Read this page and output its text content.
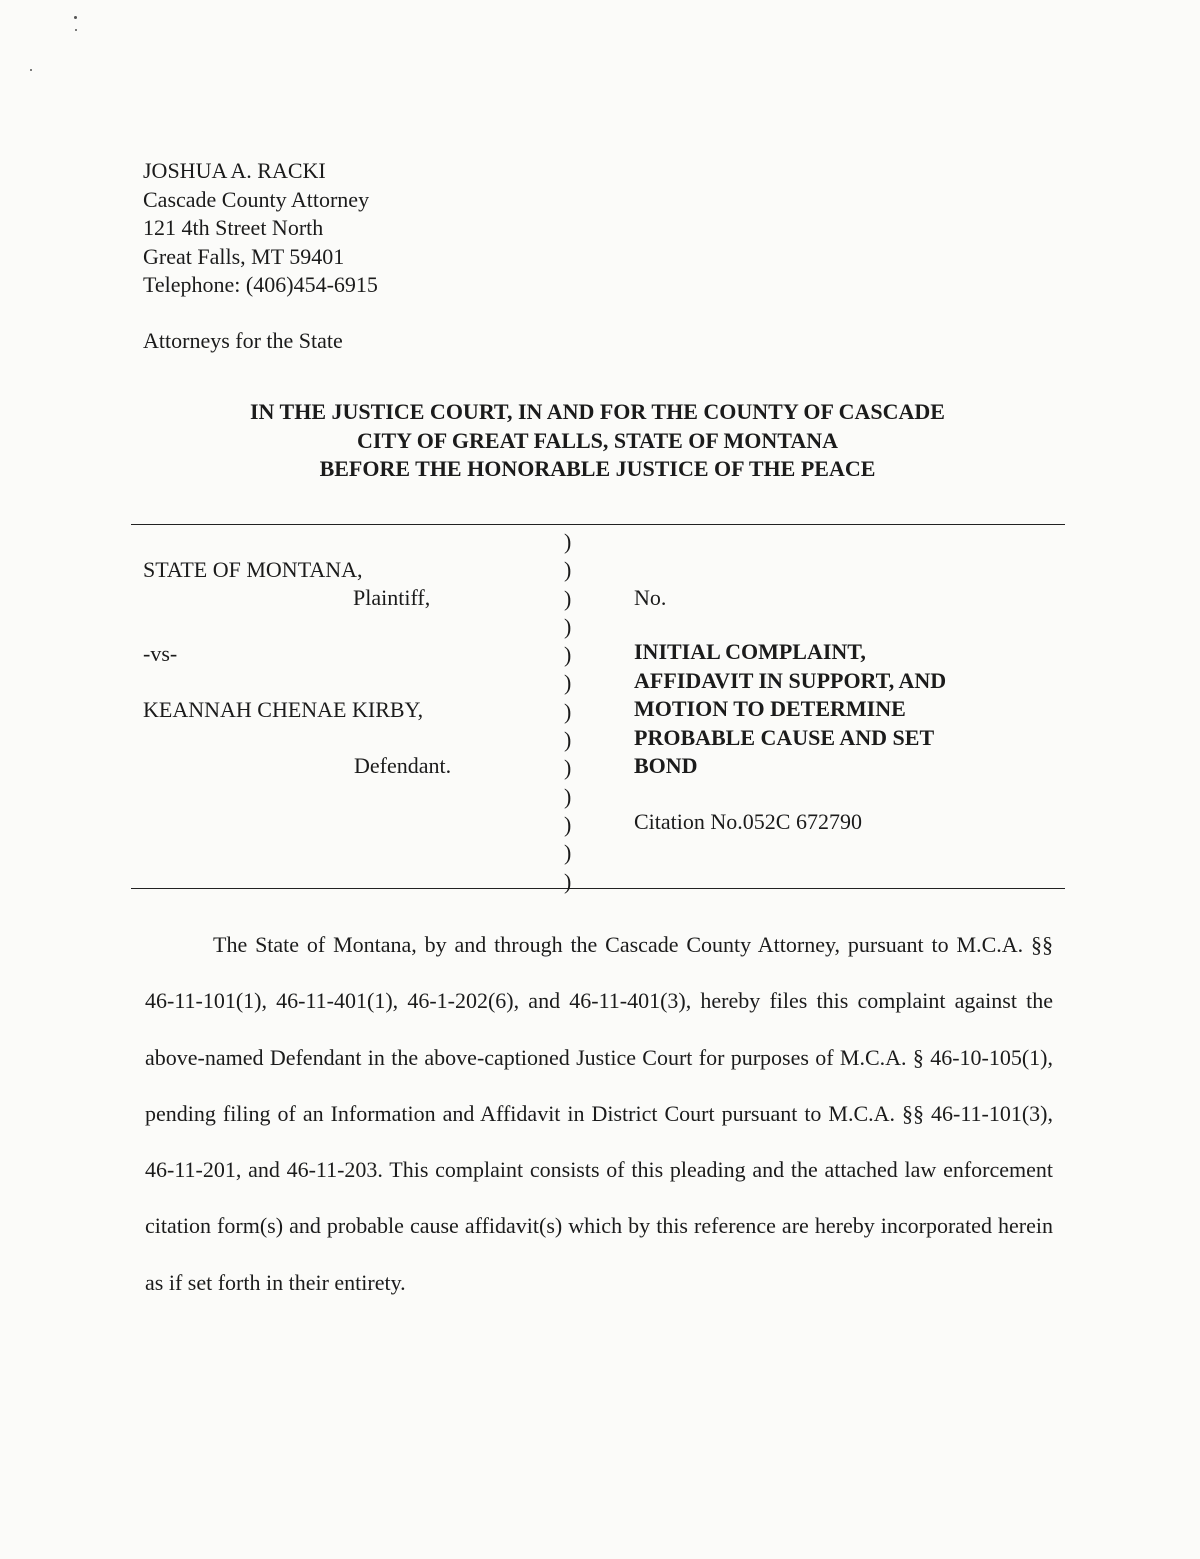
JOSHUA A. RACKI
Cascade County Attorney
121 4th Street North
Great Falls, MT 59401
Telephone: (406)454-6915
Attorneys for the State
IN THE JUSTICE COURT, IN AND FOR THE COUNTY OF CASCADE
CITY OF GREAT FALLS, STATE OF MONTANA
BEFORE THE HONORABLE JUSTICE OF THE PEACE
STATE OF MONTANA,
Plaintiff,
-vs-
KEANNAH CHENAE KIRBY,
Defendant.
)
)
)
)
)
)
)
)
)
)
)
)
)
No.
INITIAL COMPLAINT,
AFFIDAVIT IN SUPPORT, AND
MOTION TO DETERMINE
PROBABLE CAUSE AND SET
BOND
Citation No.052C 672790

The State of Montana, by and through the Cascade County Attorney, pursuant to M.C.A. §§ 46-11-101(1), 46-11-401(1), 46-1-202(6), and 46-11-401(3), hereby files this complaint against the above-named Defendant in the above-captioned Justice Court for purposes of M.C.A. § 46-10-105(1), pending filing of an Information and Affidavit in District Court pursuant to M.C.A. §§ 46-11-101(3), 46-11-201, and 46-11-203. This complaint consists of this pleading and the attached law enforcement citation form(s) and probable cause affidavit(s) which by this reference are hereby incorporated herein as if set forth in their entirety.
